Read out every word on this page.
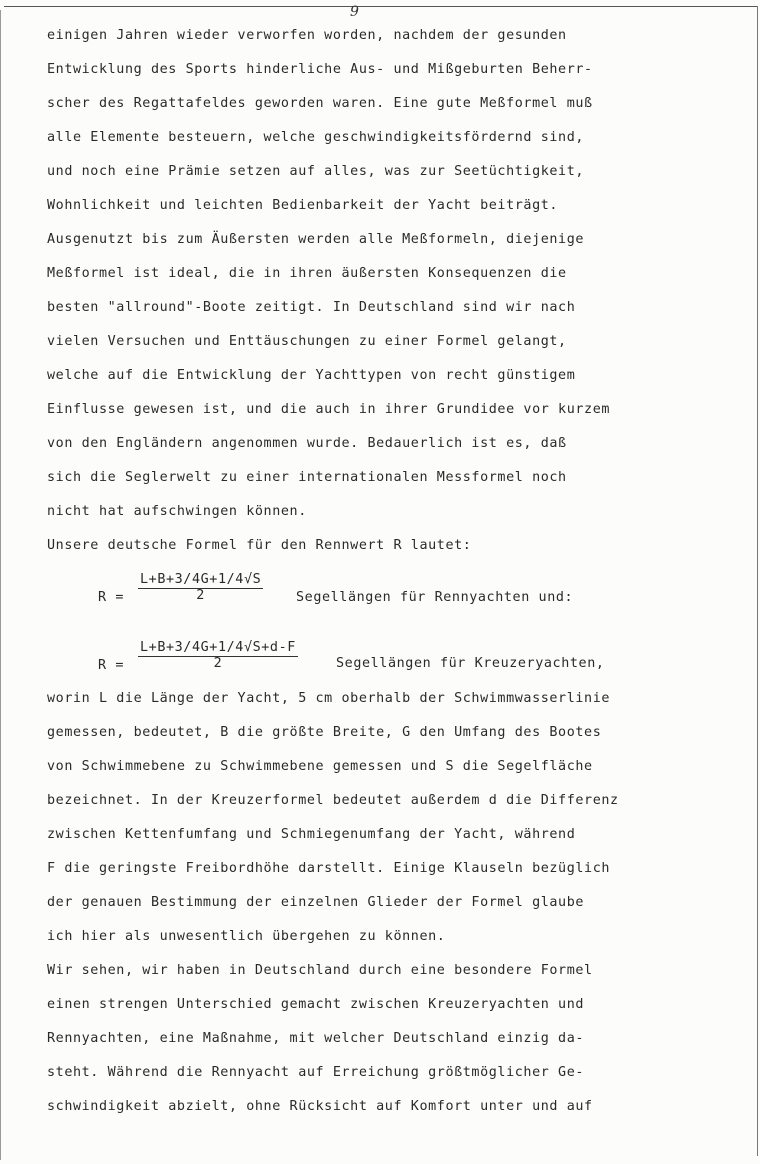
9
einigen Jahren wieder verworfen worden, nachdem der gesunden
Entwicklung des Sports hinderliche Aus- und Mißgeburten Beherr-
scher des Regattafeldes geworden waren. Eine gute Meßformel muß
alle Elemente besteuern, welche geschwindigkeitsfördernd sind,
und noch eine Prämie setzen auf alles, was zur Seetüchtigkeit,
Wohnlichkeit und leichten Bedienbarkeit der Yacht beiträgt.
Ausgenutzt bis zum Äußersten werden alle Meßformeln, diejenige
Meßformel ist ideal, die in ihren äußersten Konsequenzen die
besten "allround"-Boote zeitigt. In Deutschland sind wir nach
vielen Versuchen und Enttäuschungen zu einer Formel gelangt,
welche auf die Entwicklung der Yachttypen von recht günstigem
Einflusse gewesen ist, und die auch in ihrer Grundidee vor kurzem
von den Engländern angenommen wurde. Bedauerlich ist es, daß
sich die Seglerwelt zu einer internationalen Messformel noch
nicht hat aufschwingen können.
Unsere deutsche Formel für den Rennwert R lautet:
$R = \frac{L+B+3/4G+1/4√S}{2}$ Segellängen für Rennyachten und:
$R = \frac{L+B+3/4G+1/4√S+d-F}{2}$	Segellängen für Kreuzeryachten,
worin L die Länge der Yacht, 5 cm oberhalb der Schwimmwasserlinie
gemessen, bedeutet, B die größte Breite, G den Umfang des Bootes
von Schwimmebene zu Schwimmebene gemessen und S die Segelfläche
bezeichnet. In der Kreuzerformel bedeutet außerdem d die Differenz
zwischen Kettenfumfang und Schmiegenumfang der Yacht, während
F die geringste Freibordhöhe darstellt. Einige Klauseln bezüglich
der genauen Bestimmung der einzelnen Glieder der Formel glaube
ich hier als unwesentlich übergehen zu können.
Wir sehen, wir haben in Deutschland durch eine besondere Formel
einen strengen Unterschied gemacht zwischen Kreuzeryachten und
Rennyachten, eine Maßnahme, mit welcher Deutschland einzig da-
steht. Während die Rennyacht auf Erreichung größtmöglicher Ge-
schwindigkeit abzielt, ohne Rücksicht auf Komfort unter und auf
